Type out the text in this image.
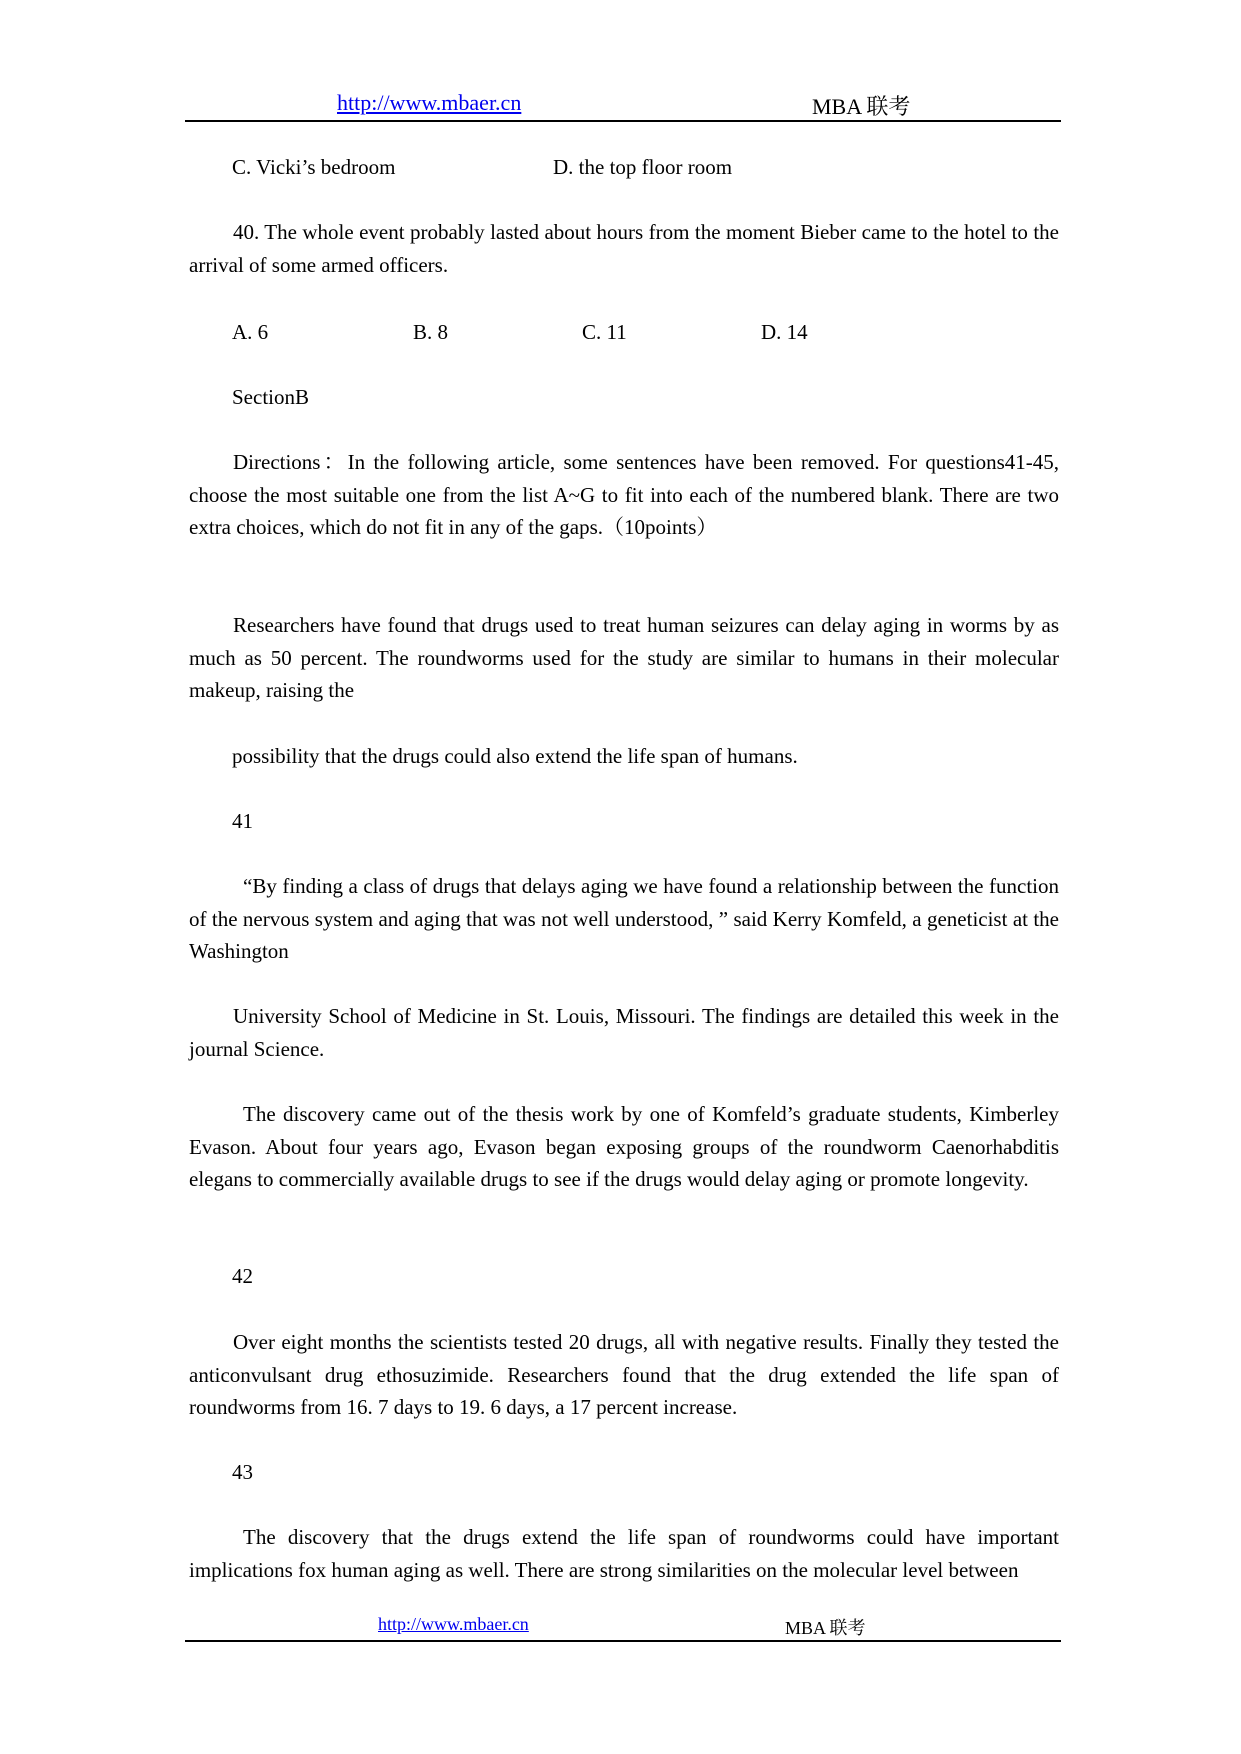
http://www.mbaer.cn	MBA 联考
C. Vicki’s bedroom	D. the top floor room
40. The whole event probably lasted about hours from the moment Bieber came to the hotel to the arrival of some armed officers.
A. 6	B. 8	C. 11	D. 14
SectionB
Directions：In the following article, some sentences have been removed. For questions41-45, choose the most suitable one from the list A~G to fit into each of the numbered blank. There are two extra choices, which do not fit in any of the gaps.（10points）
Researchers have found that drugs used to treat human seizures can delay aging in worms by as much as 50 percent. The roundworms used for the study are similar to humans in their molecular makeup, raising the
possibility that the drugs could also extend the life span of humans.
41
“By finding a class of drugs that delays aging we have found a relationship between the function of the nervous system and aging that was not well understood, ” said Kerry Komfeld, a geneticist at the Washington
University School of Medicine in St. Louis, Missouri. The findings are detailed this week in the journal Science.
The discovery came out of the thesis work by one of Komfeld’s graduate students, Kimberley Evason. About four years ago, Evason began exposing groups of the roundworm Caenorhabditis elegans to commercially available drugs to see if the drugs would delay aging or promote longevity.
42
Over eight months the scientists tested 20 drugs, all with negative results. Finally they tested the anticonvulsant drug ethosuzimide. Researchers found that the drug extended the life span of roundworms from 16. 7 days to 19. 6 days, a 17 percent increase.
43
The discovery that the drugs extend the life span of roundworms could have important implications fox human aging as well. There are strong similarities on the molecular level between
http://www.mbaer.cn	MBA 联考
